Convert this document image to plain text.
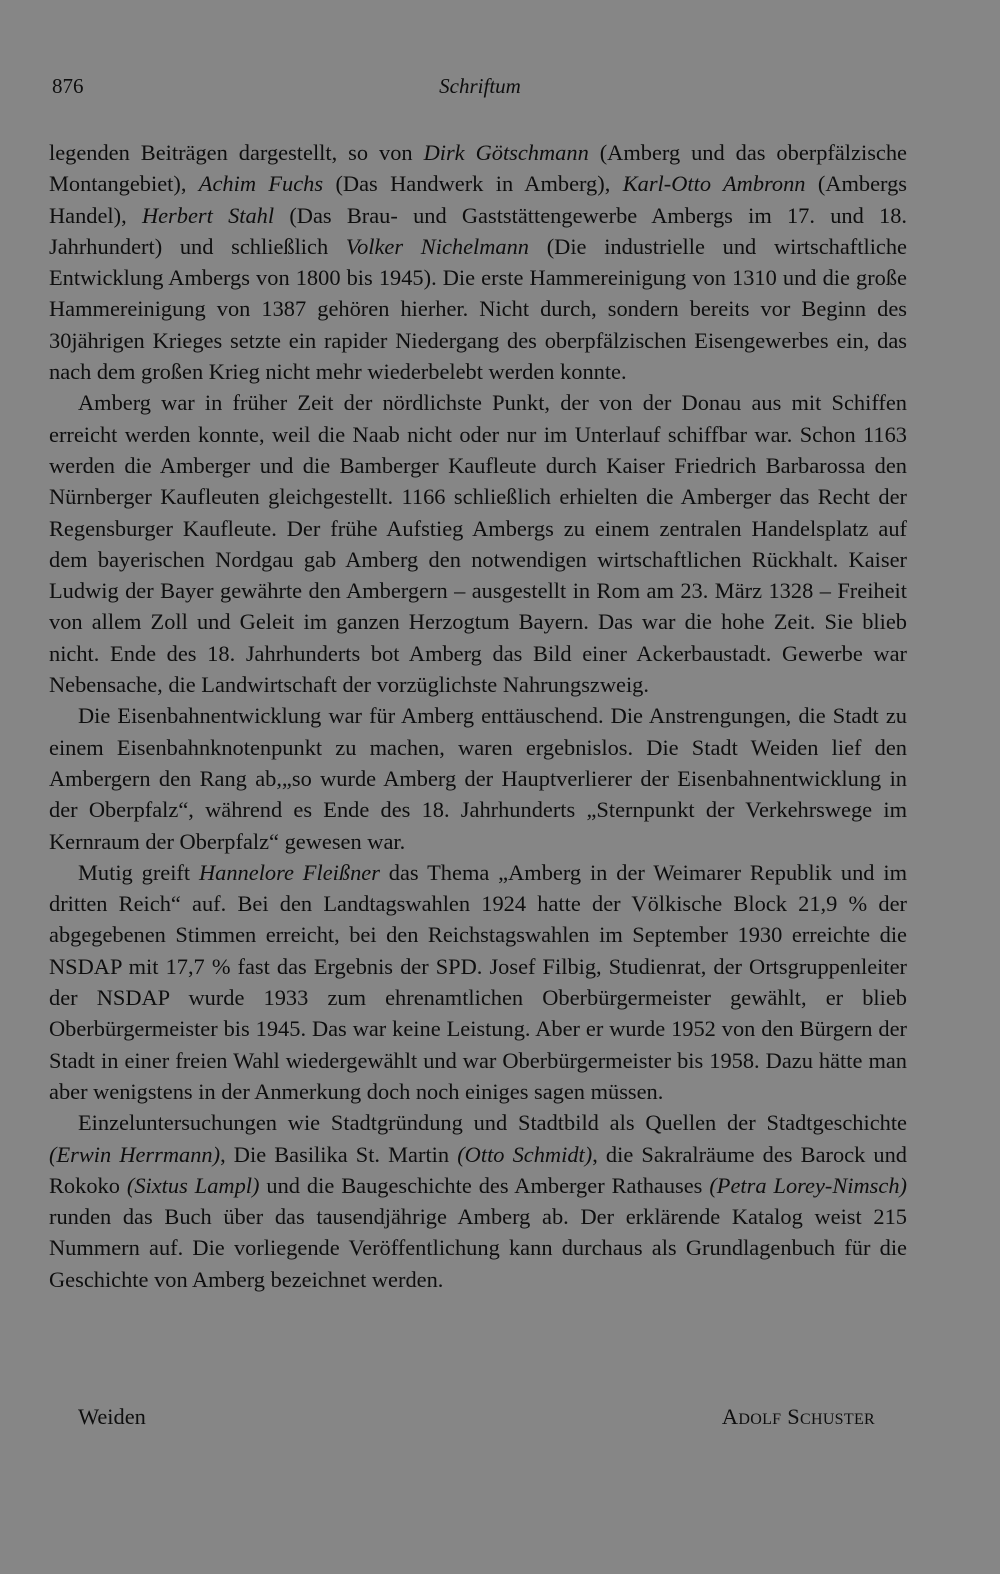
876	Schriftum

legenden Beiträgen dargestellt, so von Dirk Götschmann (Amberg und das oberpfälzische Montangebiet), Achim Fuchs (Das Handwerk in Amberg), Karl-Otto Ambronn (Ambergs Handel), Herbert Stahl (Das Brau- und Gaststättengewerbe Ambergs im 17. und 18. Jahrhundert) und schließlich Volker Nichelmann (Die industrielle und wirtschaftliche Entwicklung Ambergs von 1800 bis 1945). Die erste Hammereinigung von 1310 und die große Hammereinigung von 1387 gehören hierher. Nicht durch, sondern bereits vor Beginn des 30jährigen Krieges setzte ein rapider Niedergang des oberpfälzischen Eisengewerbes ein, das nach dem großen Krieg nicht mehr wiederbelebt werden konnte.

Amberg war in früher Zeit der nördlichste Punkt, der von der Donau aus mit Schiffen erreicht werden konnte, weil die Naab nicht oder nur im Unterlauf schiffbar war. Schon 1163 werden die Amberger und die Bamberger Kaufleute durch Kaiser Friedrich Barbarossa den Nürnberger Kaufleuten gleichgestellt. 1166 schließlich erhielten die Amberger das Recht der Regensburger Kaufleute. Der frühe Aufstieg Ambergs zu einem zentralen Handelsplatz auf dem bayerischen Nordgau gab Amberg den notwendigen wirtschaftlichen Rückhalt. Kaiser Ludwig der Bayer gewährte den Ambergern – ausgestellt in Rom am 23. März 1328 – Freiheit von allem Zoll und Geleit im ganzen Herzogtum Bayern. Das war die hohe Zeit. Sie blieb nicht. Ende des 18. Jahrhunderts bot Amberg das Bild einer Ackerbaustadt. Gewerbe war Nebensache, die Landwirtschaft der vorzüglichste Nahrungszweig.

Die Eisenbahnentwicklung war für Amberg enttäuschend. Die Anstrengungen, die Stadt zu einem Eisenbahnknotenpunkt zu machen, waren ergebnislos. Die Stadt Weiden lief den Ambergern den Rang ab,„so wurde Amberg der Hauptverlierer der Eisenbahnentwicklung in der Oberpfalz“, während es Ende des 18. Jahrhunderts „Sternpunkt der Verkehrswege im Kernraum der Oberpfalz“ gewesen war.

Mutig greift Hannelore Fleißner das Thema „Amberg in der Weimarer Republik und im dritten Reich“ auf. Bei den Landtagswahlen 1924 hatte der Völkische Block 21,9 % der abgegebenen Stimmen erreicht, bei den Reichstagswahlen im September 1930 erreichte die NSDAP mit 17,7 % fast das Ergebnis der SPD. Josef Filbig, Studienrat, der Ortsgruppenleiter der NSDAP wurde 1933 zum ehrenamtlichen Oberbürgermeister gewählt, er blieb Oberbürgermeister bis 1945. Das war keine Leistung. Aber er wurde 1952 von den Bürgern der Stadt in einer freien Wahl wiedergewählt und war Oberbürgermeister bis 1958. Dazu hätte man aber wenigstens in der Anmerkung doch noch einiges sagen müssen.

Einzeluntersuchungen wie Stadtgründung und Stadtbild als Quellen der Stadtgeschichte (Erwin Herrmann), Die Basilika St. Martin (Otto Schmidt), die Sakralräume des Barock und Rokoko (Sixtus Lampl) und die Baugeschichte des Amberger Rathauses (Petra Lorey-Nimsch) runden das Buch über das tausendjährige Amberg ab. Der erklärende Katalog weist 215 Nummern auf. Die vorliegende Veröffentlichung kann durchaus als Grundlagenbuch für die Geschichte von Amberg bezeichnet werden.

Weiden	Adolf Schuster
